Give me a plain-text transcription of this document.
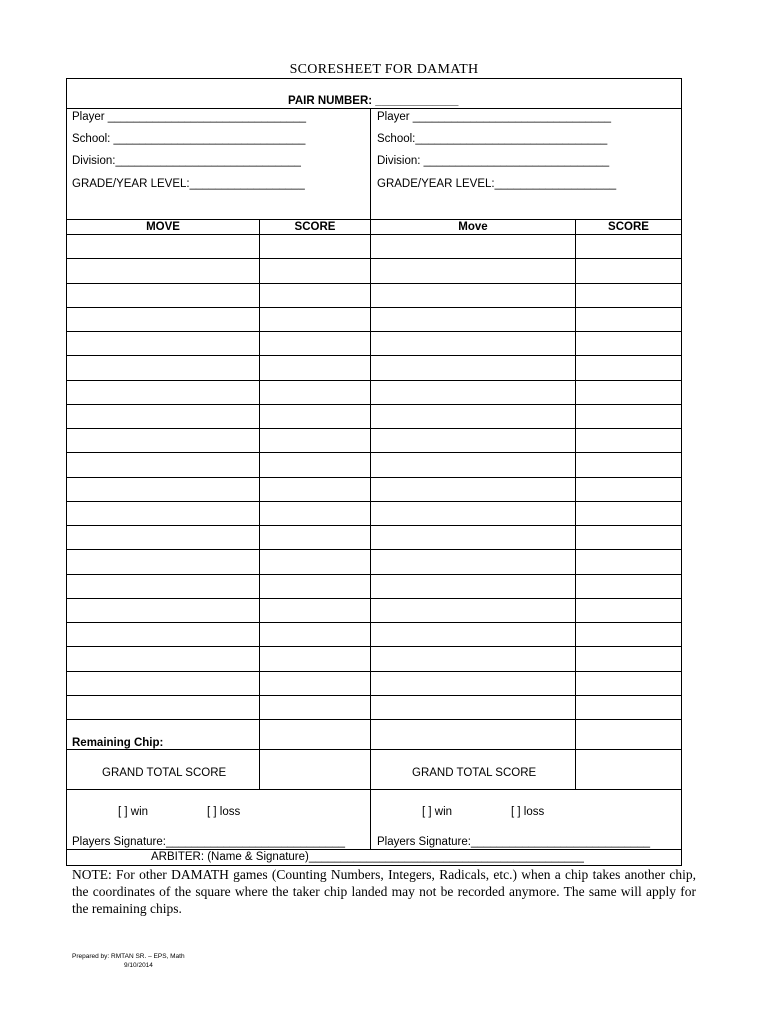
SCORESHEET FOR DAMATH
PAIR NUMBER: _____________
Player _______________________________
School: ______________________________
Division:_____________________________
GRADE/YEAR LEVEL:__________________
Player _______________________________
School:______________________________
Division: _____________________________
GRADE/YEAR LEVEL:___________________
MOVE	SCORE	Move	SCORE
Remaining Chip:
GRAND TOTAL SCORE	GRAND TOTAL SCORE
[ ] win	[ ] loss	[ ] win	[ ] loss
Players Signature:____________________________	Players Signature:____________________________
ARBITER: (Name & Signature)___________________________________________
NOTE: For other DAMATH games (Counting Numbers, Integers, Radicals, etc.) when a chip takes another chip, the coordinates of the square where the taker chip landed may not be recorded anymore. The same will apply for the remaining chips.
Prepared by: RMTAN SR. – EPS, Math
9/10/2014
